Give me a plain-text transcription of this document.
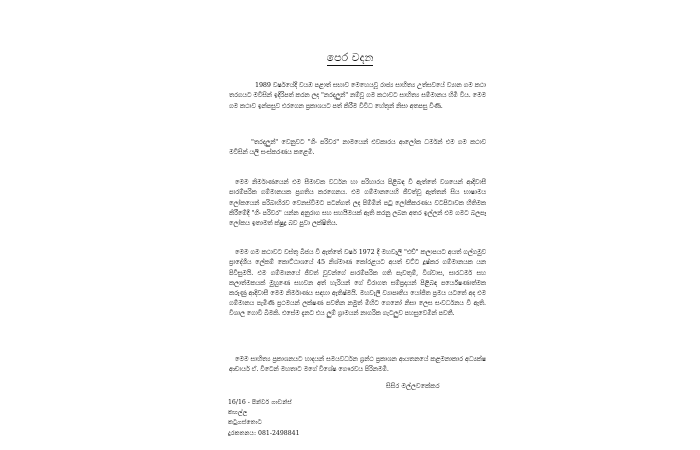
පෙර වදන

1989 වර්ෂයේදී වයඹ පළාත් සභාව මෙහෙයවූ රාජ්‍ය සාහිත්‍ය උත්සවයේ ව්‍යාන ගම කථා තරගයට මවිසින් ඉදිරිපත් කරන ලද "නරදලුන්" නම්වූ ගම කථාවට සාහිත්‍ය සම්මානය හිමි විය. මෙම ගම කථාව ඉන්පසුව එරගෙන ප්‍රකාශයට පත් කිරීම විවිධ හේතුන් නිසා අතපසු විණි.

"තරදලුන්" වෙනුවට "ගිං පරිවර" නාමයෙන් එවකාරය ආලෝක ධර්මන් එම ගම කථාව මවිසින් යලි සංස්කරණය කළෙමි.

මෙම නිර්මාණයෙන් එම සීමාවක වර්ධන හා පරිහාරය පිළිබඳ වී ඇත්තේ වශයෙන් ආදිවාසී පාරම්පරික ගම්මානයක ප්‍රගතිය කරගෙනය. එම ගම්මානයෙහි ජීවත්වූ ඇත්තන් සිය භාෂාමය ලෝකයෙන් පරිබාහිරව වෙනස්වීමට පටන්ගත් ලද පිම්මින් පටු ලෝකීකරණය වටපිටාවක හීතිමක කිරීමේදී "ගිං පරිවර" යන්න අනුරාග සහ සහයීමයක් ඇති කරනු ලබන අතර ඉල්ලන් එම ගමට බලපෑ ලෝකය ඉතාමත් ක්ෂුද්‍ර බව පුවා ලක්ෂිතිය.

මෙම ගම කථාවට වස්තු බීජය වී ඇත්තේ වර්ෂ 1972 දී මහවැලි "එච්" කලාපයට අයත් ගල්ගමුව ප්‍රාදේශීය ලේකම් කොට්ඨාශයේ 45 නිශ්මාණ කෝරළයට අයත් චට්ට දූෂ්කර ගම්මානයක යන පිවිසුමයි. එම ගම්මානයේ ජීවත් වූවන්ගේ පාරම්පරික ගති පැවතුම්, විශ්වාස, සාරධර්ම සහ කලාත්මකයක් මුහුණෙ සහවන අත් හැරියන් ගේ චිරාගත සම්ප්‍රදායන් පිළිබඳ පර්යේෂණාත්මක කරුණු ආදිවාසී මෙම නිර්මාණය සඳහා ඇතිෂ්මයි. මහවැලි ව්‍යාපෘතිය යෝජිත ප්‍රමය යටතේ අද එම ගම්මානය පැමිණි ප්‍රථමයන් ලක්ෂණ පවතින නමුත් මිහිට ගෙනෝ නිසා ලෙස සංවර්ධනය වී ඇති. විශාල ගොවි බිමකි. එසේම දැනට එය ලුම් ග්‍රාමයන් නාගරික ගැටලුව පහසුවෙමින් පවතී.

මෙම සාහිත්‍ය ප්‍රකාශනයට හාදයන් සමයවර්ධන ග්‍රන්ථ ප්‍රකාශන ආයතනයේ කළමනාකාර අධ්‍යක්ෂ ආචාර්ය ඒ. විටෙන් මහතාට මගේ විශේෂ ගෞරවය පිරිනමමි.

සිසිර මල්ලවකේකර
16/16 - පින්වර් ගාඩන්ස්
කහල්ල
කටුගස්තොට
දුරකතනය: 081-2498841
